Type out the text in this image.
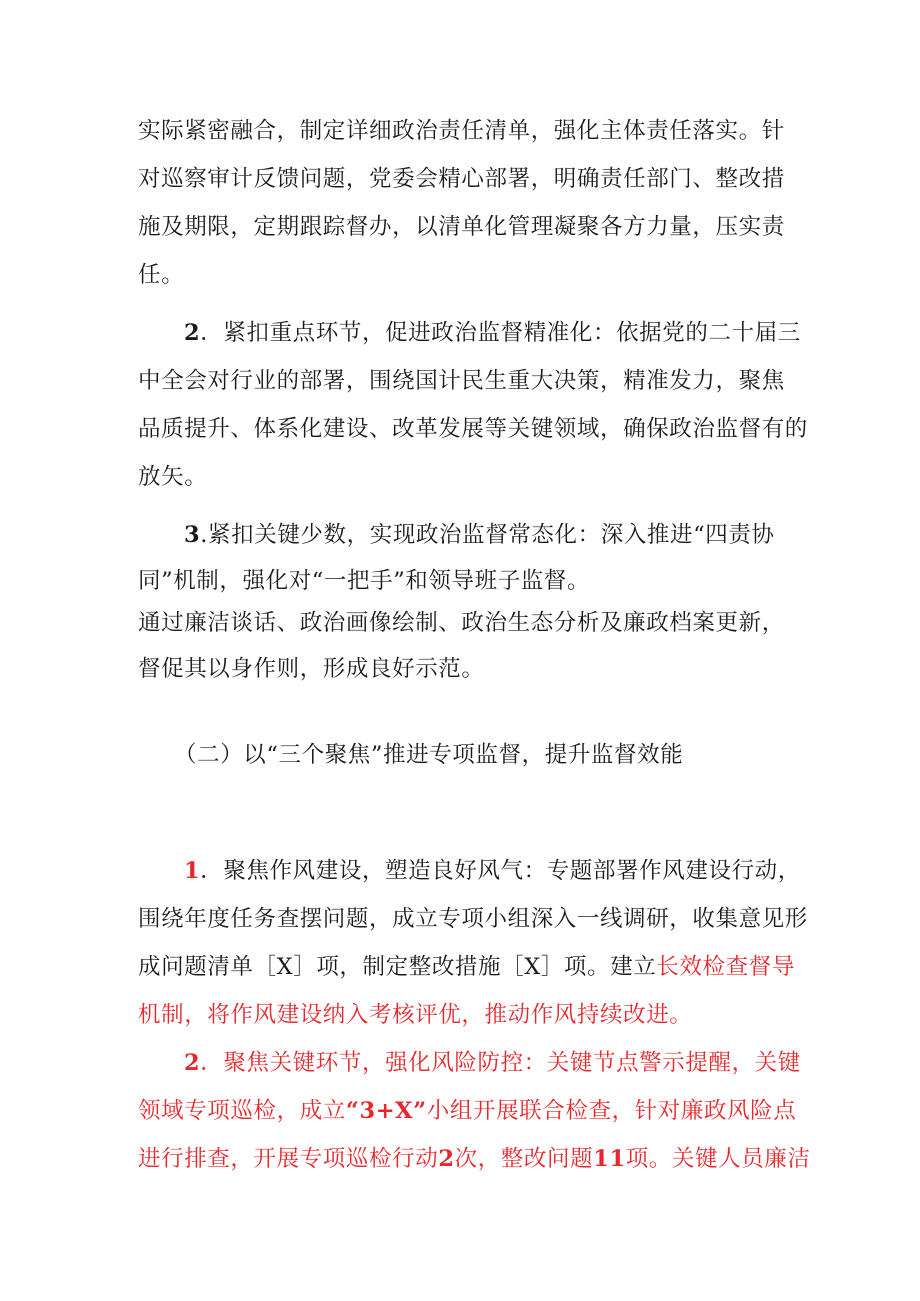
实际紧密融合，制定详细政治责任清单，强化主体责任落实。针
对巡察审计反馈问题，党委会精心部署，明确责任部门、整改措
施及期限，定期跟踪督办，以清单化管理凝聚各方力量，压实责
任。
2．紧扣重点环节，促进政治监督精准化：依据党的二十届三
中全会对行业的部署，围绕国计民生重大决策，精准发力，聚焦
品质提升、体系化建设、改革发展等关键领域，确保政治监督有的
放矢。
3.紧扣关键少数，实现政治监督常态化：深入推进“四责协
同”机制，强化对“一把手”和领导班子监督。
通过廉洁谈话、政治画像绘制、政治生态分析及廉政档案更新，
督促其以身作则，形成良好示范。
（二）以“三个聚焦”推进专项监督，提升监督效能
1．聚焦作风建设，塑造良好风气：专题部署作风建设行动，
围绕年度任务查摆问题，成立专项小组深入一线调研，收集意见形
成问题清单［X］项，制定整改措施［X］项。建立长效检查督导
机制，将作风建设纳入考核评优，推动作风持续改进。
2．聚焦关键环节，强化风险防控：关键节点警示提醒，关键
领域专项巡检，成立“3+X”小组开展联合检查，针对廉政风险点
进行排查，开展专项巡检行动2次，整改问题11项。关键人员廉洁
